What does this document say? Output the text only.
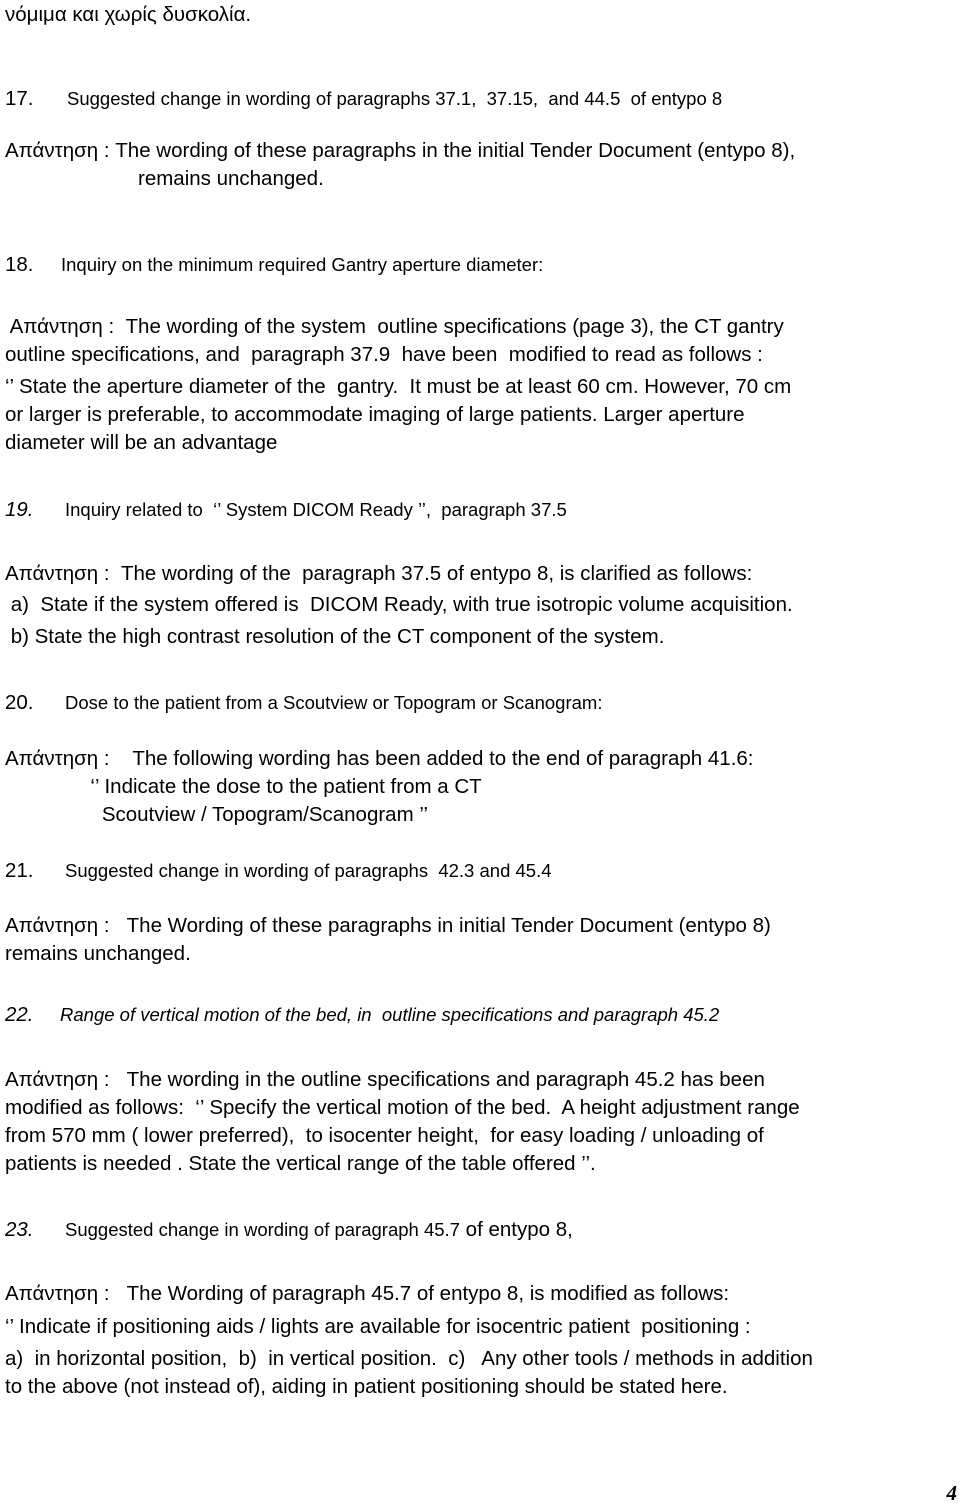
νόμιμα και χωρίς δυσκολία.
17. Suggested change in wording of paragraphs 37.1,  37.15,  and 44.5  of entypo 8
Απάντηση : The wording of these paragraphs in the initial Tender Document (entypo 8),
remains unchanged.
18. Inquiry on the minimum required Gantry aperture diameter:
Απάντηση :  The wording of the system  outline specifications (page 3), the CT gantry
outline specifications, and  paragraph 37.9  have been  modified to read as follows :
‘’ State the aperture diameter of the  gantry.  It must be at least 60 cm. However, 70 cm
or larger is preferable, to accommodate imaging of large patients. Larger aperture
diameter will be an advantage
19. Inquiry related to  ‘’ System DICOM Ready ’’,  paragraph 37.5
Απάντηση :  The wording of the  paragraph 37.5 of entypo 8, is clarified as follows:
a)  State if the system offered is  DICOM Ready, with true isotropic volume acquisition.
b) State the high contrast resolution of the CT component of the system.
20. Dose to the patient from a Scoutview or Topogram or Scanogram:
Απάντηση :    The following wording has been added to the end of paragraph 41.6:
‘’ Indicate the dose to the patient from a CT
Scoutview / Topogram/Scanogram ’’
21. Suggested change in wording of paragraphs  42.3 and 45.4
Απάντηση :   The Wording of these paragraphs in initial Tender Document (entypo 8)
remains unchanged.
22. Range of vertical motion of the bed, in  outline specifications and paragraph 45.2
Απάντηση :   The wording in the outline specifications and paragraph 45.2 has been
modified as follows:  ‘’ Specify the vertical motion of the bed.  A height adjustment range
from 570 mm ( lower preferred),  to isocenter height,  for easy loading / unloading of
patients is needed . State the vertical range of the table offered ’’.
23. Suggested change in wording of paragraph 45.7 of entypo 8,
Απάντηση :   The Wording of paragraph 45.7 of entypo 8, is modified as follows:
‘’ Indicate if positioning aids / lights are available for isocentric patient  positioning :
a)  in horizontal position,  b)  in vertical position.  c)   Any other tools / methods in addition
to the above (not instead of), aiding in patient positioning should be stated here.
4
